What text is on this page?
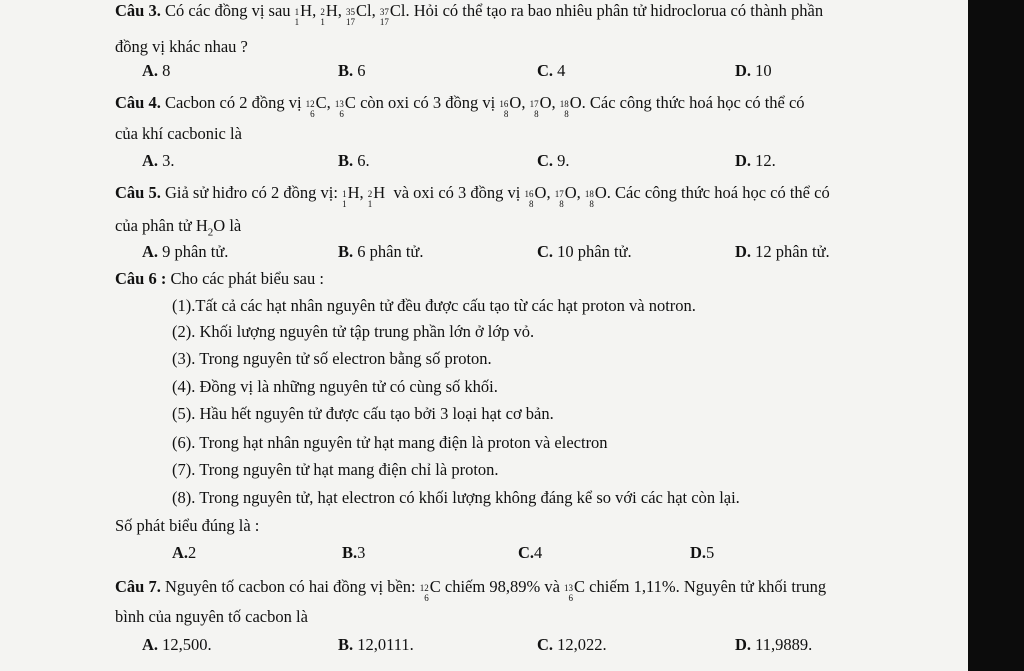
Câu 3. Có các đồng vị sau 1
1
H , 2
1
H , 35
17
Cl , 37
17
Cl . Hỏi có thể tạo ra bao nhiêu phân tử hidroclorua có thành phần
đồng vị khác nhau ?
A. 8	B. 6	C. 4	D. 10
Câu 4. Cacbon có 2 đồng vị 12
6
C , 13
6
C còn oxi có 3 đồng vị 16
8
O , 17
8
O , 18
8
O . Các công thức hoá học có thể có
của khí cacbonic là
A. 3.	B. 6.	C. 9.	D. 12.
Câu 5. Giả sử hiđro có 2 đồng vị: 1
1
H , 2
1
H và oxi có 3 đồng vị 16
8
O , 17
8
O , 18
8
O . Các công thức hoá học có thể có
của phân tử $H_2O$ là
A. 9 phân tử.	B. 6 phân tử.	C. 10 phân tử.	D. 12 phân tử.
Câu 6 : Cho các phát biểu sau :
(1).Tất cả các hạt nhân nguyên tử đều được cấu tạo từ các hạt proton và notron.
(2). Khối lượng nguyên tử tập trung phần lớn ở lớp vỏ.
(3). Trong nguyên tử số electron bằng số proton.
(4). Đồng vị là những nguyên tử có cùng số khối.
(5). Hầu hết nguyên tử được cấu tạo bởi 3 loại hạt cơ bản.
(6). Trong hạt nhân nguyên tử hạt mang điện là proton và electron
(7). Trong nguyên tử hạt mang điện chỉ là proton.
(8). Trong nguyên tử, hạt electron có khối lượng không đáng kể so với các hạt còn lại.
Số phát biểu đúng là :
A.2	B.3	C.4	D.5
Câu 7. Nguyên tố cacbon có hai đồng vị bền: 12
6
C chiếm 98,89% và 13
6
C chiếm 1,11%. Nguyên tử khối trung
bình của nguyên tố cacbon là
A. 12,500.	B. 12,0111.	C. 12,022.	D. 11,9889.
